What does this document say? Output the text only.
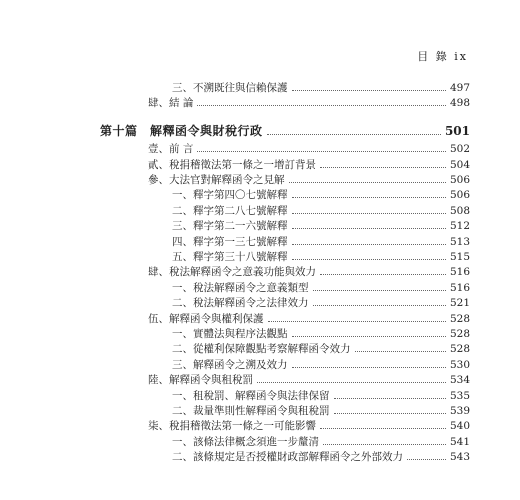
目 錄 ix
三、不溯既往與信賴保護	497
肆、結 論	498
第十篇　解釋函令與財稅行政	501
壹、前 言	502
貳、稅捐稽徵法第一條之一增訂背景	504
參、大法官對解釋函令之見解	506
一、釋字第四〇七號解釋	506
二、釋字第二八七號解釋	508
三、釋字第二一六號解釋	512
四、釋字第一三七號解釋	513
五、釋字第三十八號解釋	515
肆、稅法解釋函令之意義功能與效力	516
一、稅法解釋函令之意義類型	516
二、稅法解釋函令之法律效力	521
伍、解釋函令與權利保護	528
一、實體法與程序法觀點	528
二、從權利保障觀點考察解釋函令效力	528
三、解釋函令之溯及效力	530
陸、解釋函令與租稅罰	534
一、租稅罰、解釋函令與法律保留	535
二、裁量準則性解釋函令與租稅罰	539
柒、稅捐稽徵法第一條之一可能影響	540
一、該條法律概念須進一步釐清	541
二、該條規定是否授權財政部解釋函令之外部效力	543
